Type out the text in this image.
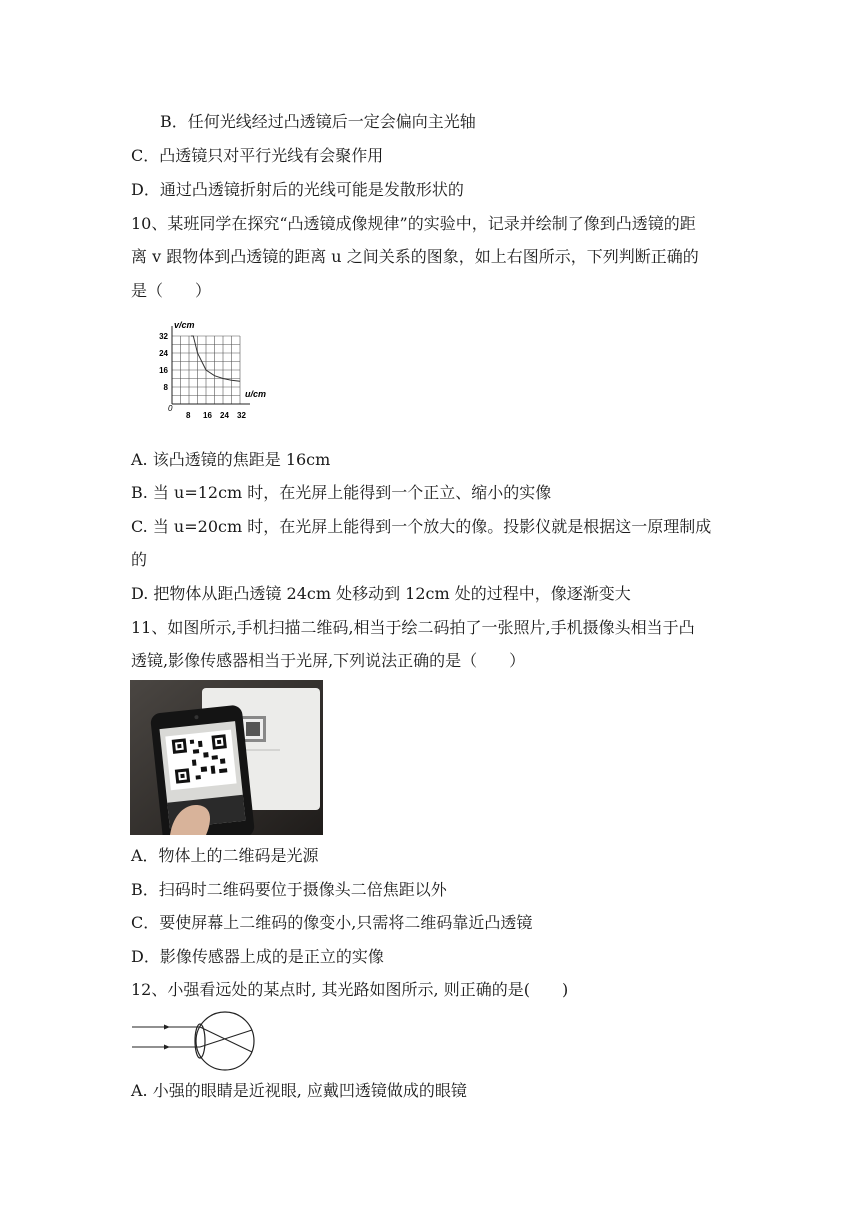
B．任何光线经过凸透镜后一定会偏向主光轴
C．凸透镜只对平行光线有会聚作用
D．通过凸透镜折射后的光线可能是发散形状的
10、某班同学在探究“凸透镜成像规律”的实验中，记录并绘制了像到凸透镜的距
离 v 跟物体到凸透镜的距离 u 之间关系的图象，如上右图所示，下列判断正确的
是（　　）
v/cm
u/cm
0
8 16 24 32
32
24
16
8
A. 该凸透镜的焦距是 16cm
B. 当 u=12cm 时，在光屏上能得到一个正立、缩小的实像
C. 当 u=20cm 时，在光屏上能得到一个放大的像。投影仪就是根据这一原理制成
的
D. 把物体从距凸透镜 24cm 处移动到 12cm 处的过程中，像逐渐变大
11、如图所示,手机扫描二维码,相当于绘二码拍了一张照片,手机摄像头相当于凸
透镜,影像传感器相当于光屏,下列说法正确的是（　　）
A．物体上的二维码是光源
B．扫码时二维码要位于摄像头二倍焦距以外
C．要使屏幕上二维码的像变小,只需将二维码靠近凸透镜
D．影像传感器上成的是正立的实像
12、小强看远处的某点时, 其光路如图所示, 则正确的是(　　)
A. 小强的眼睛是近视眼, 应戴凹透镜做成的眼镜
